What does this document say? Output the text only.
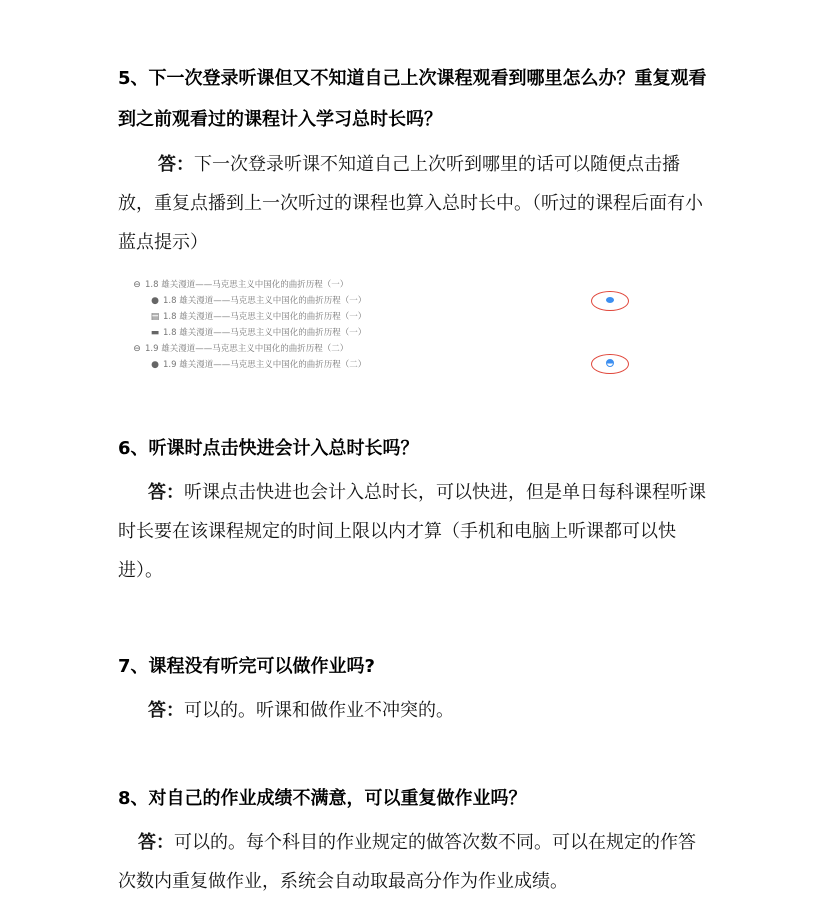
5、下一次登录听课但又不知道自己上次课程观看到哪里怎么办？重复观看到之前观看过的课程计入学习总时长吗？
答：下一次登录听课不知道自己上次听到哪里的话可以随便点击播放，重复点播到上一次听过的课程也算入总时长中。（听过的课程后面有小蓝点提示）
⊖ 1.8 雄关漫道——马克思主义中国化的曲折历程（一）
● 1.8 雄关漫道——马克思主义中国化的曲折历程（一）
▤ 1.8 雄关漫道——马克思主义中国化的曲折历程（一）
▬ 1.8 雄关漫道——马克思主义中国化的曲折历程（一）
⊖ 1.9 雄关漫道——马克思主义中国化的曲折历程（二）
● 1.9 雄关漫道——马克思主义中国化的曲折历程（二）
6、听课时点击快进会计入总时长吗？
答：听课点击快进也会计入总时长，可以快进，但是单日每科课程听课时长要在该课程规定的时间上限以内才算（手机和电脑上听课都可以快进）。
7、课程没有听完可以做作业吗?
答：可以的。听课和做作业不冲突的。
8、对自己的作业成绩不满意，可以重复做作业吗？
答：可以的。每个科目的作业规定的做答次数不同。可以在规定的作答次数内重复做作业，系统会自动取最高分作为作业成绩。
